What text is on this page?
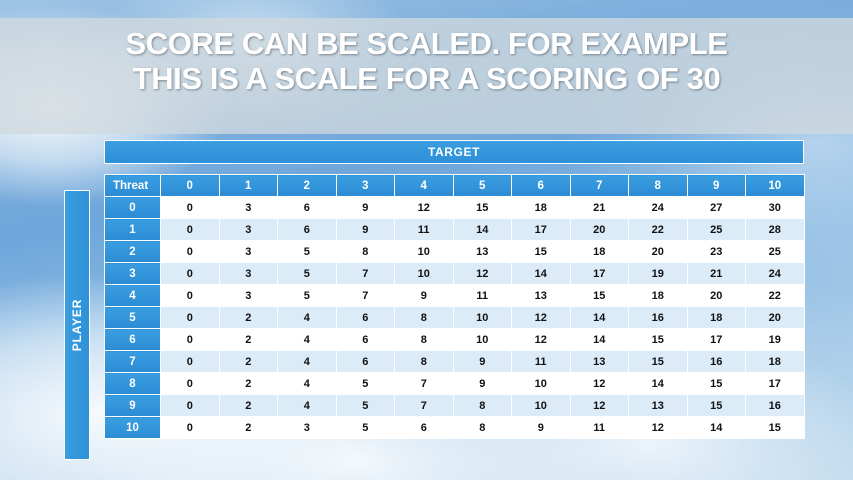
SCORE CAN BE SCALED. FOR EXAMPLE
THIS IS A SCALE FOR A SCORING OF 30
TARGET
PLAYER
Threat	0	1	2	3	4	5	6	7	8	9	10
0	0	3	6	9	12	15	18	21	24	27	30
1	0	3	6	9	11	14	17	20	22	25	28
2	0	3	5	8	10	13	15	18	20	23	25
3	0	3	5	7	10	12	14	17	19	21	24
4	0	3	5	7	9	11	13	15	18	20	22
5	0	2	4	6	8	10	12	14	16	18	20
6	0	2	4	6	8	10	12	14	15	17	19
7	0	2	4	6	8	9	11	13	15	16	18
8	0	2	4	5	7	9	10	12	14	15	17
9	0	2	4	5	7	8	10	12	13	15	16
10	0	2	3	5	6	8	9	11	12	14	15
